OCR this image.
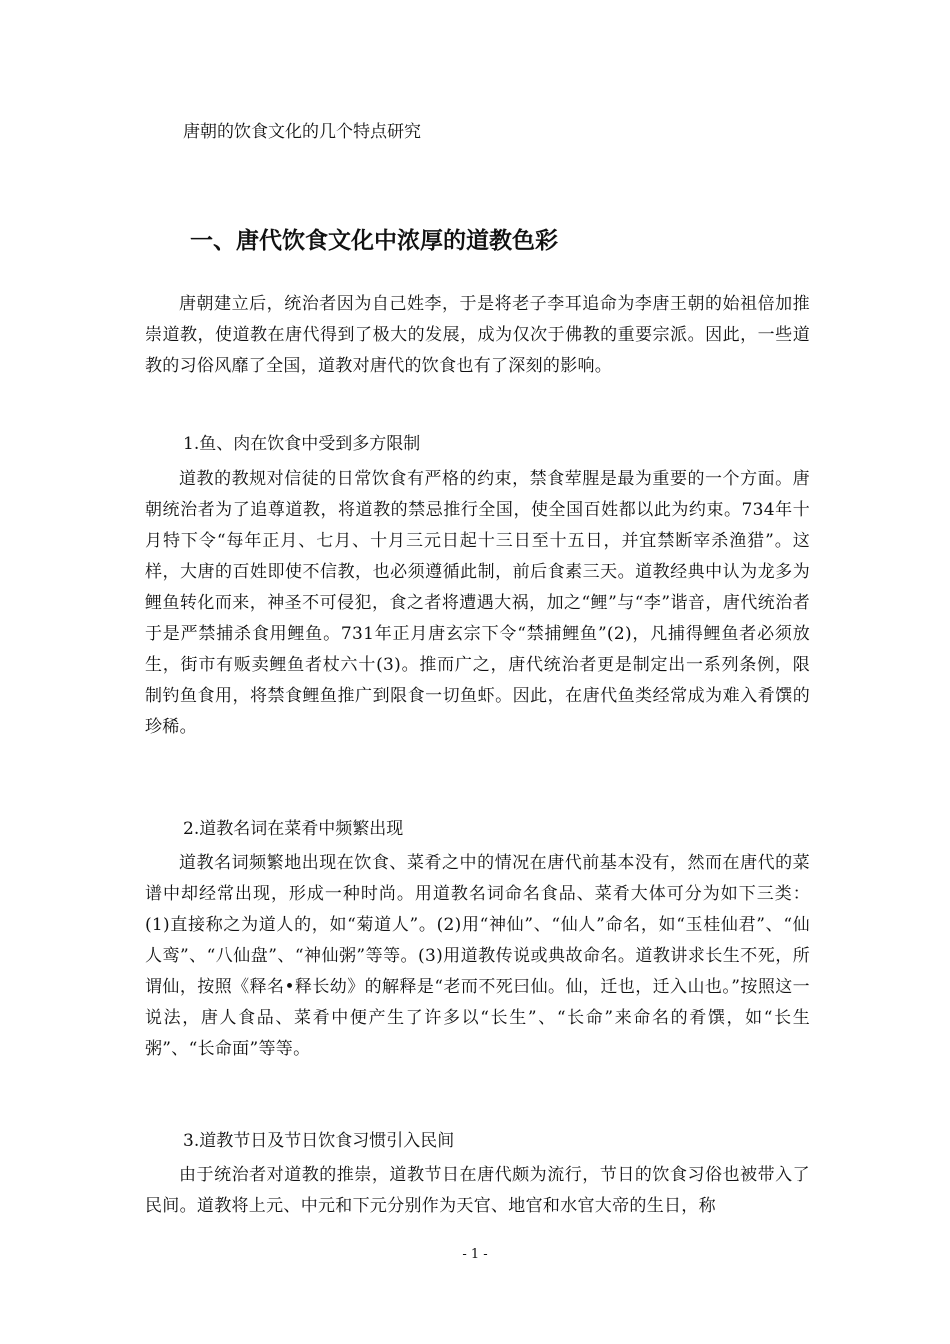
唐朝的饮食文化的几个特点研究
一、唐代饮食文化中浓厚的道教色彩

唐朝建立后，统治者因为自己姓李，于是将老子李耳追命为李唐王朝的始祖倍加推崇道教，使道教在唐代得到了极大的发展，成为仅次于佛教的重要宗派。因此，一些道教的习俗风靡了全国，道教对唐代的饮食也有了深刻的影响。

1.鱼、肉在饮食中受到多方限制

道教的教规对信徒的日常饮食有严格的约束，禁食荤腥是最为重要的一个方面。唐朝统治者为了追尊道教，将道教的禁忌推行全国，使全国百姓都以此为约束。734年十月特下令“每年正月、七月、十月三元日起十三日至十五日，并宜禁断宰杀渔猎”。这样，大唐的百姓即使不信教，也必须遵循此制，前后食素三天。道教经典中认为龙多为鲤鱼转化而来，神圣不可侵犯，食之者将遭遇大祸，加之“鲤”与“李”谐音，唐代统治者于是严禁捕杀食用鲤鱼。731年正月唐玄宗下令“禁捕鲤鱼”(2)，凡捕得鲤鱼者必须放生，街市有贩卖鲤鱼者杖六十(3)。推而广之，唐代统治者更是制定出一系列条例，限制钓鱼食用，将禁食鲤鱼推广到限食一切鱼虾。因此，在唐代鱼类经常成为难入肴馔的珍稀。

2.道教名词在菜肴中频繁出现

道教名词频繁地出现在饮食、菜肴之中的情况在唐代前基本没有，然而在唐代的菜谱中却经常出现，形成一种时尚。用道教名词命名食品、菜肴大体可分为如下三类：(1)直接称之为道人的，如“菊道人”。(2)用“神仙”、“仙人”命名，如“玉桂仙君”、“仙人鸾”、“八仙盘”、“神仙粥”等等。(3)用道教传说或典故命名。道教讲求长生不死，所谓仙，按照《释名•释长幼》的解释是“老而不死曰仙。仙，迁也，迁入山也。”按照这一说法，唐人食品、菜肴中便产生了许多以“长生”、“长命”来命名的肴馔，如“长生粥”、“长命面”等等。

3.道教节日及节日饮食习惯引入民间

由于统治者对道教的推崇，道教节日在唐代颇为流行，节日的饮食习俗也被带入了民间。道教将上元、中元和下元分别作为天官、地官和水官大帝的生日，称

- 1 -
